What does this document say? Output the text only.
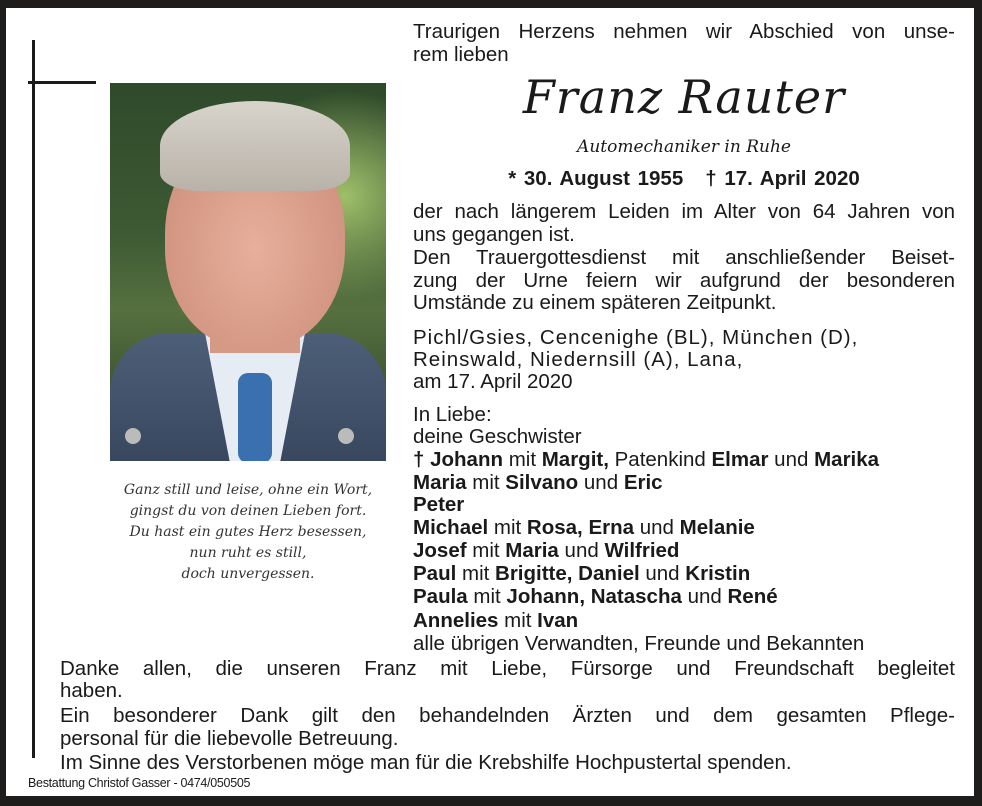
Ganz still und leise, ohne ein Wort,
gingst du von deinen Lieben fort.
Du hast ein gutes Herz besessen,
nun ruht es still,
doch unvergessen.
Traurigen Herzens nehmen wir Abschied von unse-
rem lieben
Franz Rauter
Automechaniker in Ruhe
* 30. August 1955 † 17. April 2020
der nach längerem Leiden im Alter von 64 Jahren von
uns gegangen ist.
Den Trauergottesdienst mit anschließender Beiset-
zung der Urne feiern wir aufgrund der besonderen
Umstände zu einem späteren Zeitpunkt.
Pichl/Gsies, Cencenighe (BL), München (D),
Reinswald, Niedernsill (A), Lana,
am 17. April 2020
In Liebe:
deine Geschwister
† Johann mit Margit, Patenkind Elmar und Marika
Maria mit Silvano und Eric
Peter
Michael mit Rosa, Erna und Melanie
Josef mit Maria und Wilfried
Paul mit Brigitte, Daniel und Kristin
Paula mit Johann, Natascha und René
Annelies mit Ivan
alle übrigen Verwandten, Freunde und Bekannten
Danke allen, die unseren Franz mit Liebe, Fürsorge und Freundschaft begleitet
haben.
Ein besonderer Dank gilt den behandelnden Ärzten und dem gesamten Pflege-
personal für die liebevolle Betreuung.
Im Sinne des Verstorbenen möge man für die Krebshilfe Hochpustertal spenden.
Bestattung Christof Gasser - 0474/050505
